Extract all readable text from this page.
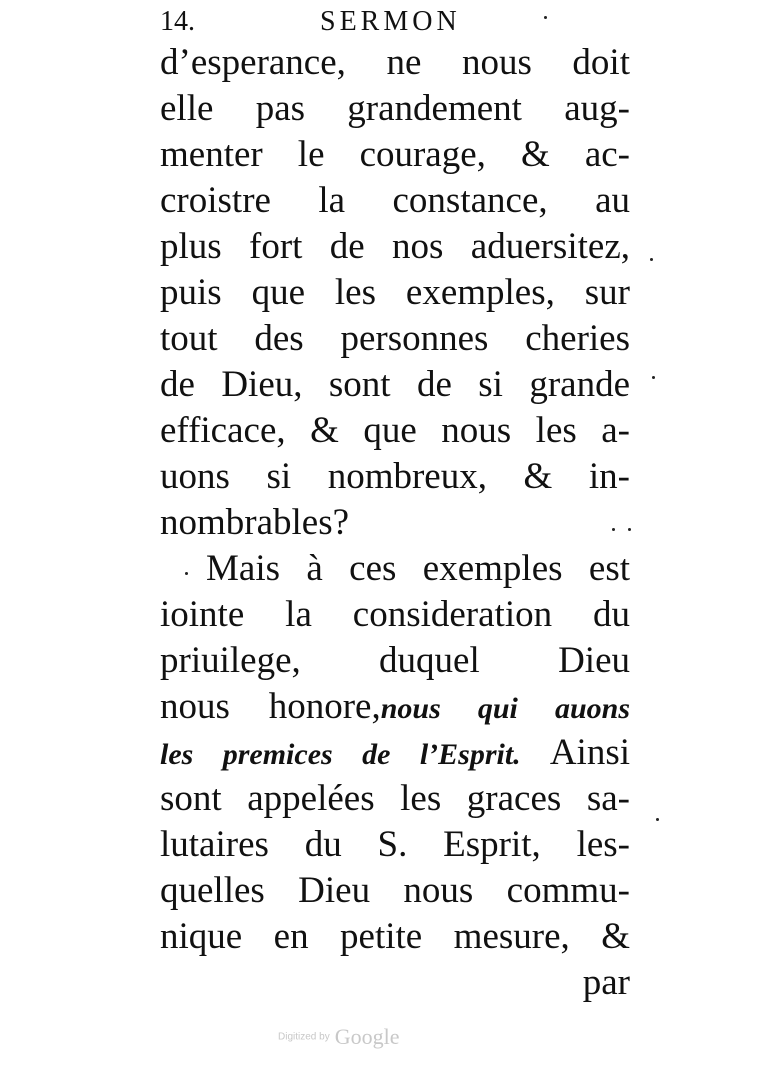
14.	SERMON
d’esperance, ne nous doit
elle pas grandement aug-
menter le courage, & ac-
croistre la constance, au
plus fort de nos aduersitez,
puis que les exemples, sur
tout des personnes cheries
de Dieu, sont de si grande
efficace, & que nous les a-
uons si nombreux, & in-
nombrables?
Mais à ces exemples est
iointe la consideration du
priuilege, duquel Dieu
nous honore,nous qui auons
les premices de l’Esprit. Ainsi
sont appelées les graces sa-
lutaires du S. Esprit, les-
quelles Dieu nous commu-
nique en petite mesure, &
par
Digitized by Google
